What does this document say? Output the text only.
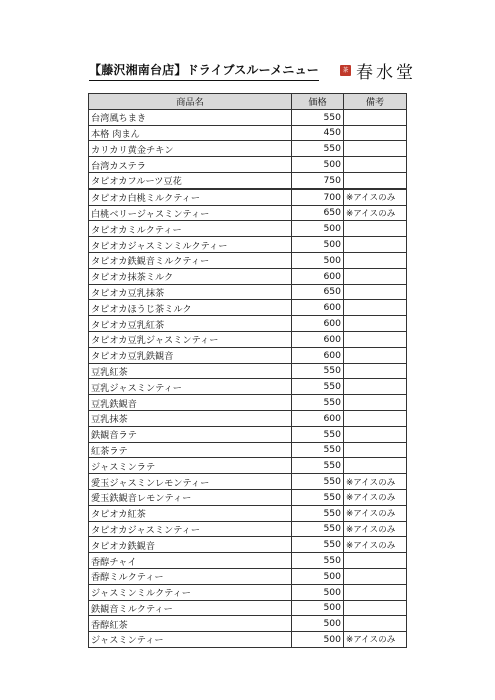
【藤沢湘南台店】ドライブスルーメニュー	茶 春水堂
商品名	価格	備考
台湾風ちまき	550	
本格 肉まん	450	
カリカリ黄金チキン	550	
台湾カステラ	500	
タピオカフルーツ豆花	750	
タピオカ白桃ミルクティー	700	※アイスのみ
白桃ベリージャスミンティー	650	※アイスのみ
タピオカミルクティー	500	
タピオカジャスミンミルクティー	500	
タピオカ鉄観音ミルクティー	500	
タピオカ抹茶ミルク	600	
タピオカ豆乳抹茶	650	
タピオカほうじ茶ミルク	600	
タピオカ豆乳紅茶	600	
タピオカ豆乳ジャスミンティー	600	
タピオカ豆乳鉄観音	600	
豆乳紅茶	550	
豆乳ジャスミンティー	550	
豆乳鉄観音	550	
豆乳抹茶	600	
鉄観音ラテ	550	
紅茶ラテ	550	
ジャスミンラテ	550	
愛玉ジャスミンレモンティー	550	※アイスのみ
愛玉鉄観音レモンティー	550	※アイスのみ
タピオカ紅茶	550	※アイスのみ
タピオカジャスミンティー	550	※アイスのみ
タピオカ鉄観音	550	※アイスのみ
香醇チャイ	550	
香醇ミルクティー	500	
ジャスミンミルクティー	500	
鉄観音ミルクティー	500	
香醇紅茶	500	
ジャスミンティー	500	※アイスのみ
